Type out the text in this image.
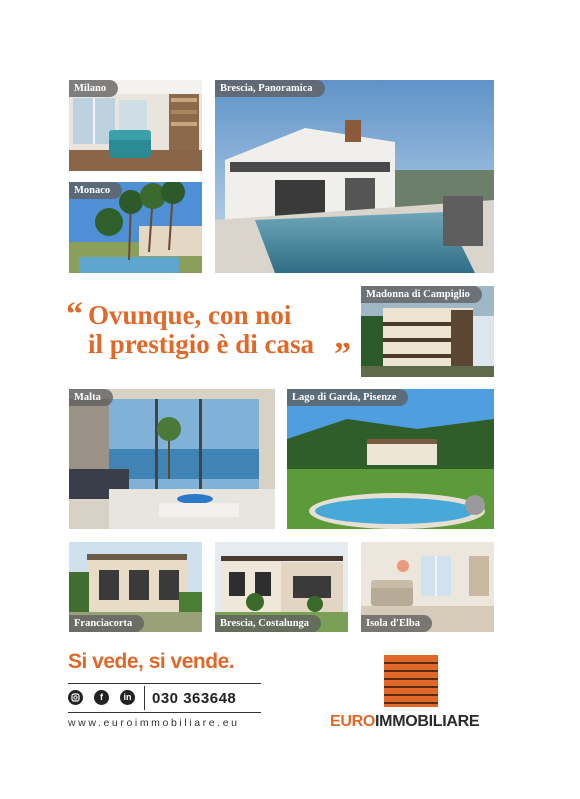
Milano	Brescia, Panoramica
Monaco
“ Ovunque, con noi
il prestigio è di casa ”
Madonna di Campiglio
Malta	Lago di Garda, Pisenze
Franciacorta	Brescia, Costalunga	Isola d'Elba
Si vede, si vende.
f	in 030 363648
www.euroimmobiliare.eu	EUROIMMOBILIARE
